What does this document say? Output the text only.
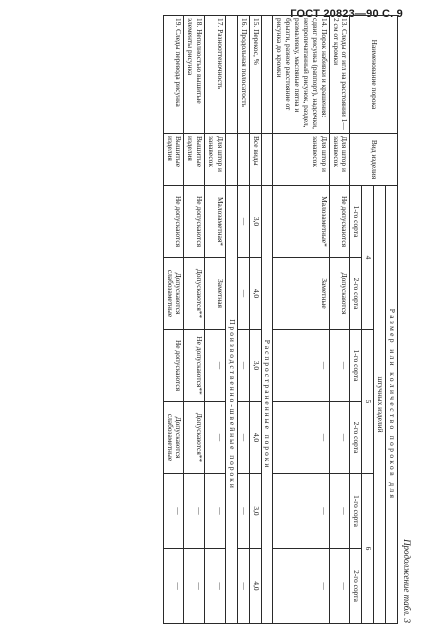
ГОСТ 20823—90 С. 9
Продолжение табл. 3
Наименование порока	Вид изделия	Размер или количество пороков для					
		штучных изделий					
		4		5		6	
		1-го сорта	2-го сорта	1-го сорта	2-го сорта	1-го сорта	2-го сорта
13. Следы от игл на расстоянии 1—2 см от кромки	Для штор и занавесок	Не допускаются	Допускаются	—	—	—	—
14. Порок набивки и крашения: сдвиг рисунка (раппорт), надсечки, непропечатанный рисунок, раздел, размалевку, масляные пятна и брызги, разное расстояние от рисунка до кромки	Для штор и занавесок	Малозаметные*	Заметные	—	—	—	—
		Распространенные пороки					
15. Перекос, %	Все виды	3,0	4,0	3,0	4,0	3,0	4,0
16. Продольная полосатость		—	—	—	—	—	—
		Производственно-швейные пороки					
17. Разнооттеночность	Для штор и занавесок	Малозаметная*	Заметная	—	—	—	—
18. Неполностью вышитые элементы рисунка	Вышитые изделия	Не допускаются	Допускаются**	Не допускаются**	Допускаются**	—	—
19. Следы перевода рисунка	Вышитые изделия	Не допускаются	Допускаются слабозаметные	Не допускаются	Допускаются слабозаметные	—	—
